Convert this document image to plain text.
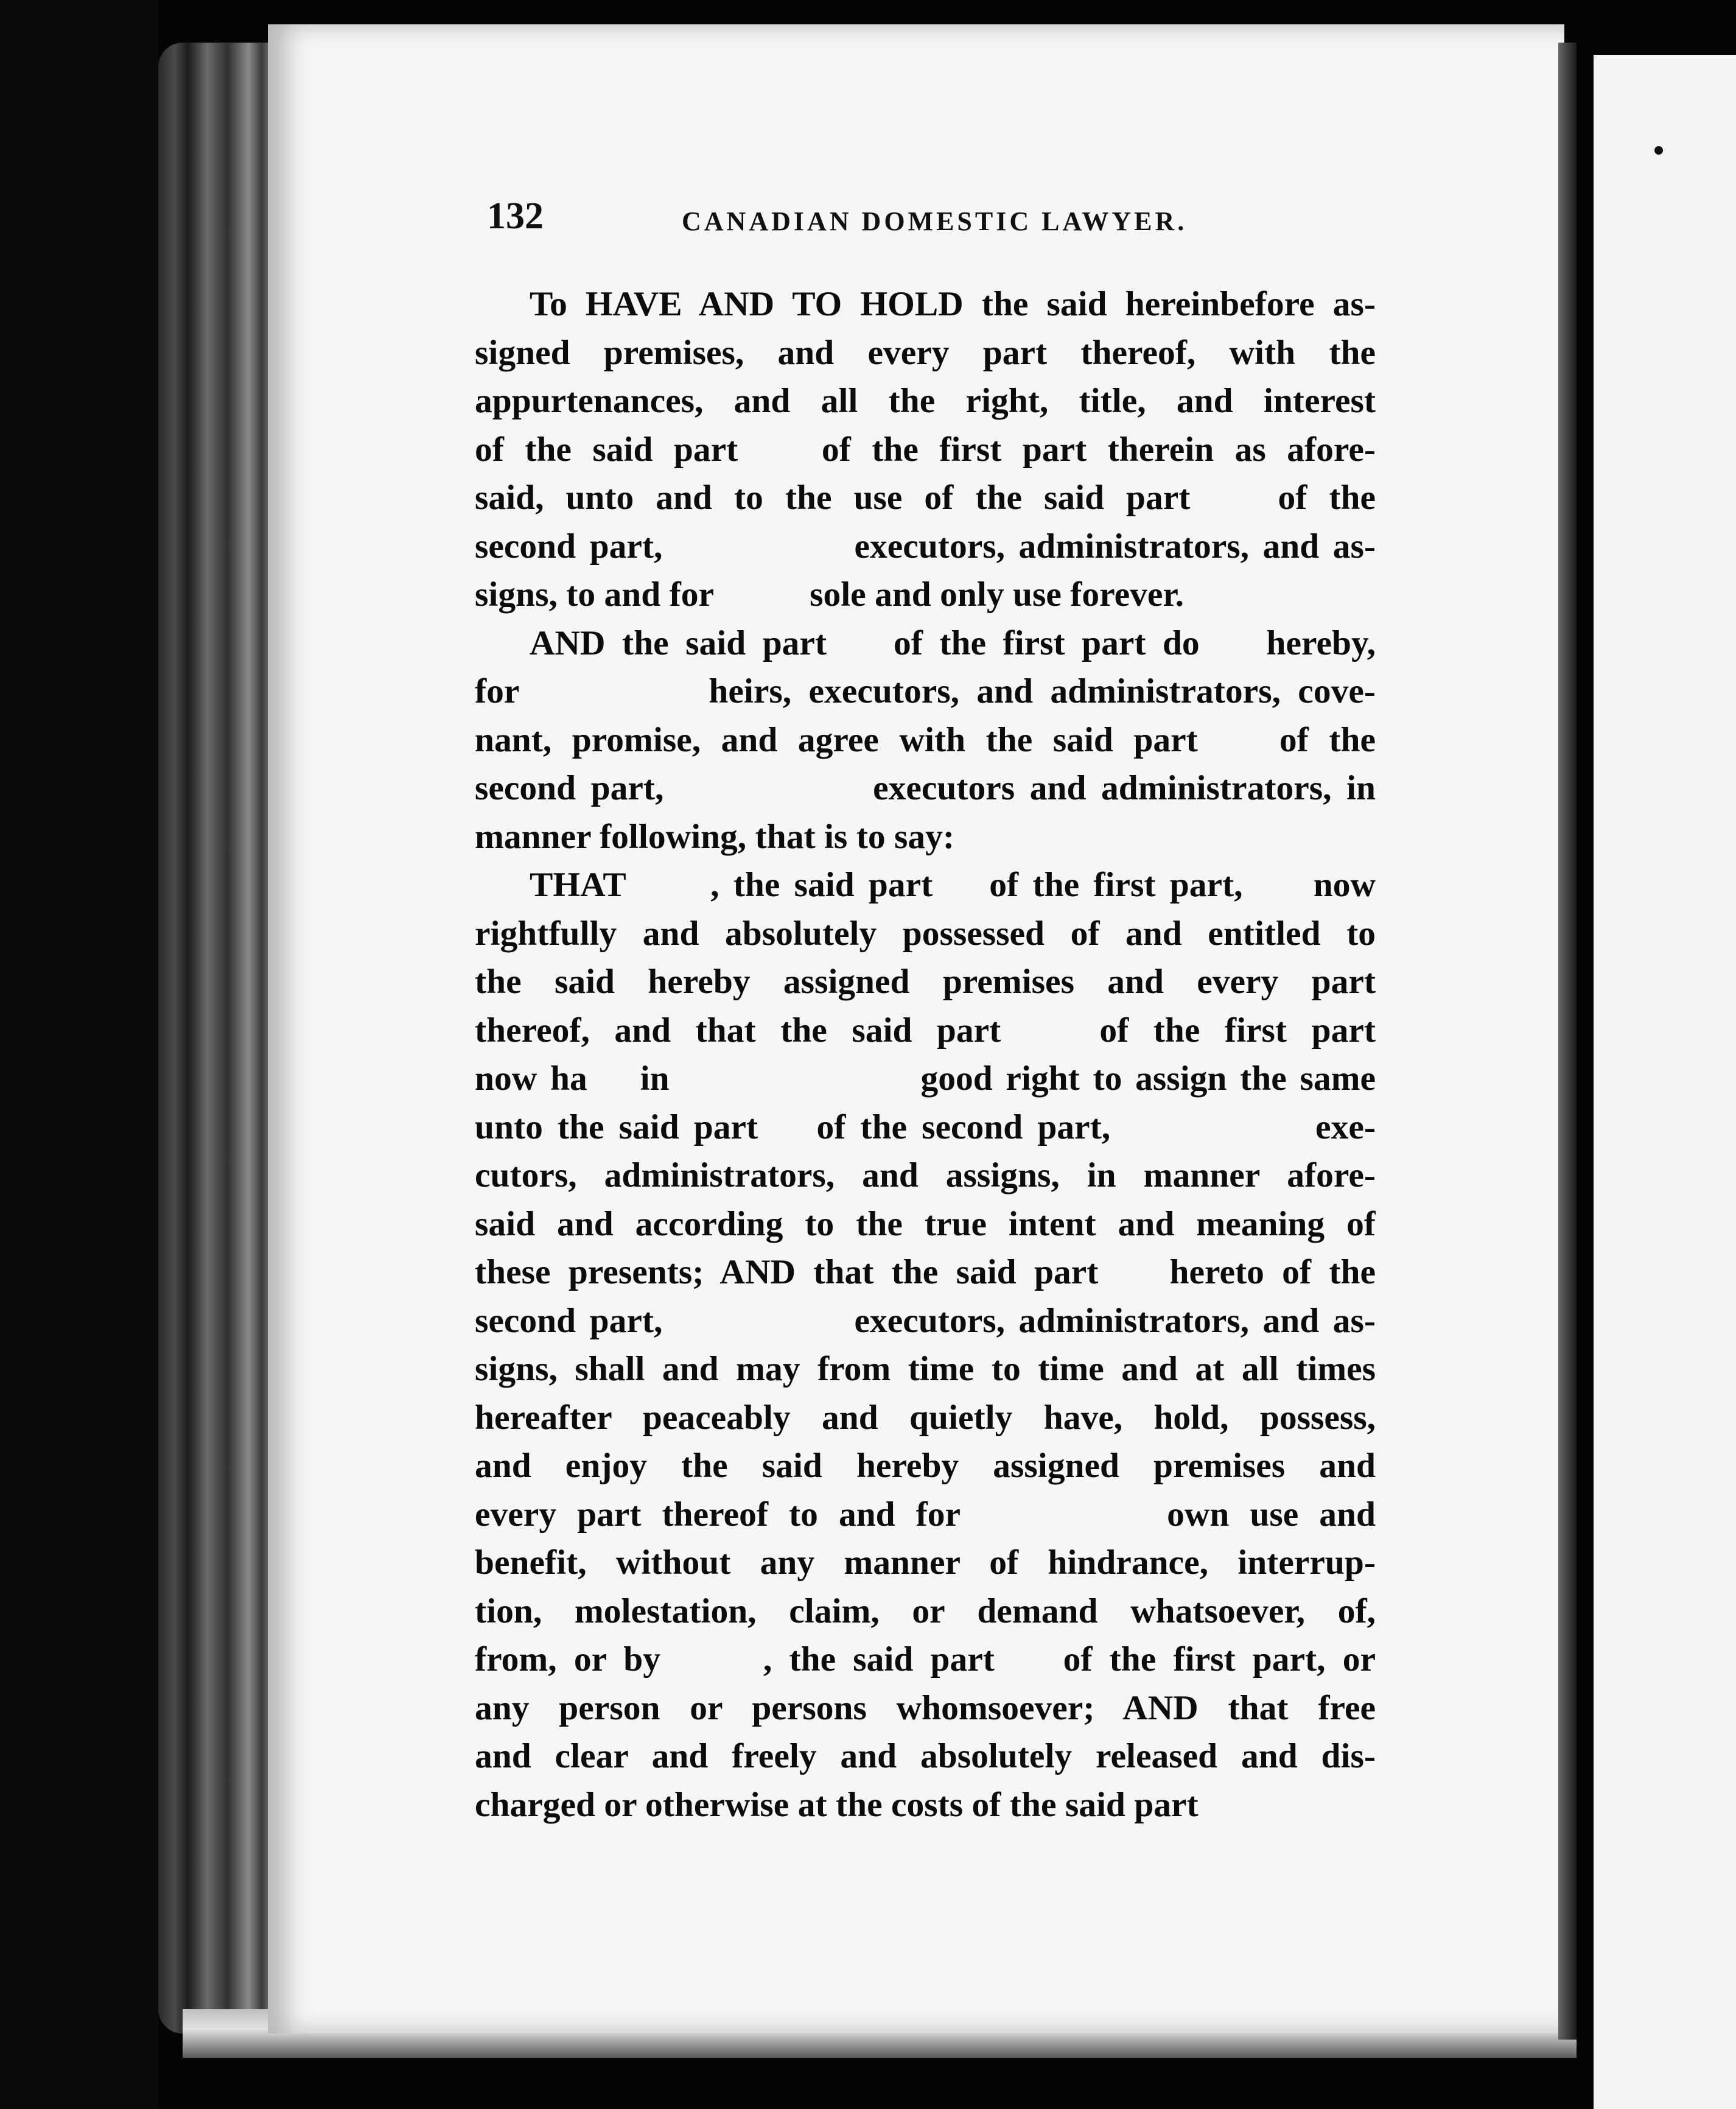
132	CANADIAN DOMESTIC LAWYER.
To HAVE AND TO HOLD the said hereinbefore as-
signed premises, and every part thereof, with the
appurtenances, and all the right, title, and interest
of the said part    of the first part therein as afore-
said, unto and to the use of the said part    of the
second part,              executors, administrators, and as-
signs, to and for           sole and only use forever.
AND the said part    of the first part do    hereby,
for           heirs, executors, and administrators, cove-
nant, promise, and agree with the said part    of the
second part,              executors and administrators, in
manner following, that is to say:
THAT      , the said part    of the first part,     now
rightfully and absolutely possessed of and entitled to
the said hereby assigned premises and every part
thereof, and that the said part    of the first part
now ha    in                   good right to assign the same
unto the said part    of the second part,              exe-
cutors, administrators, and assigns, in manner afore-
said and according to the true intent and meaning of
these presents; AND that the said part    hereto of the
second part,              executors, administrators, and as-
signs, shall and may from time to time and at all times
hereafter peaceably and quietly have, hold, possess,
and enjoy the said hereby assigned premises and
every part thereof to and for          own use and
benefit, without any manner of hindrance, interrup-
tion, molestation, claim, or demand whatsoever, of,
from, or by      , the said part    of the first part, or
any person or persons whomsoever; AND that free
and clear and freely and absolutely released and dis-
charged or otherwise at the costs of the said part
